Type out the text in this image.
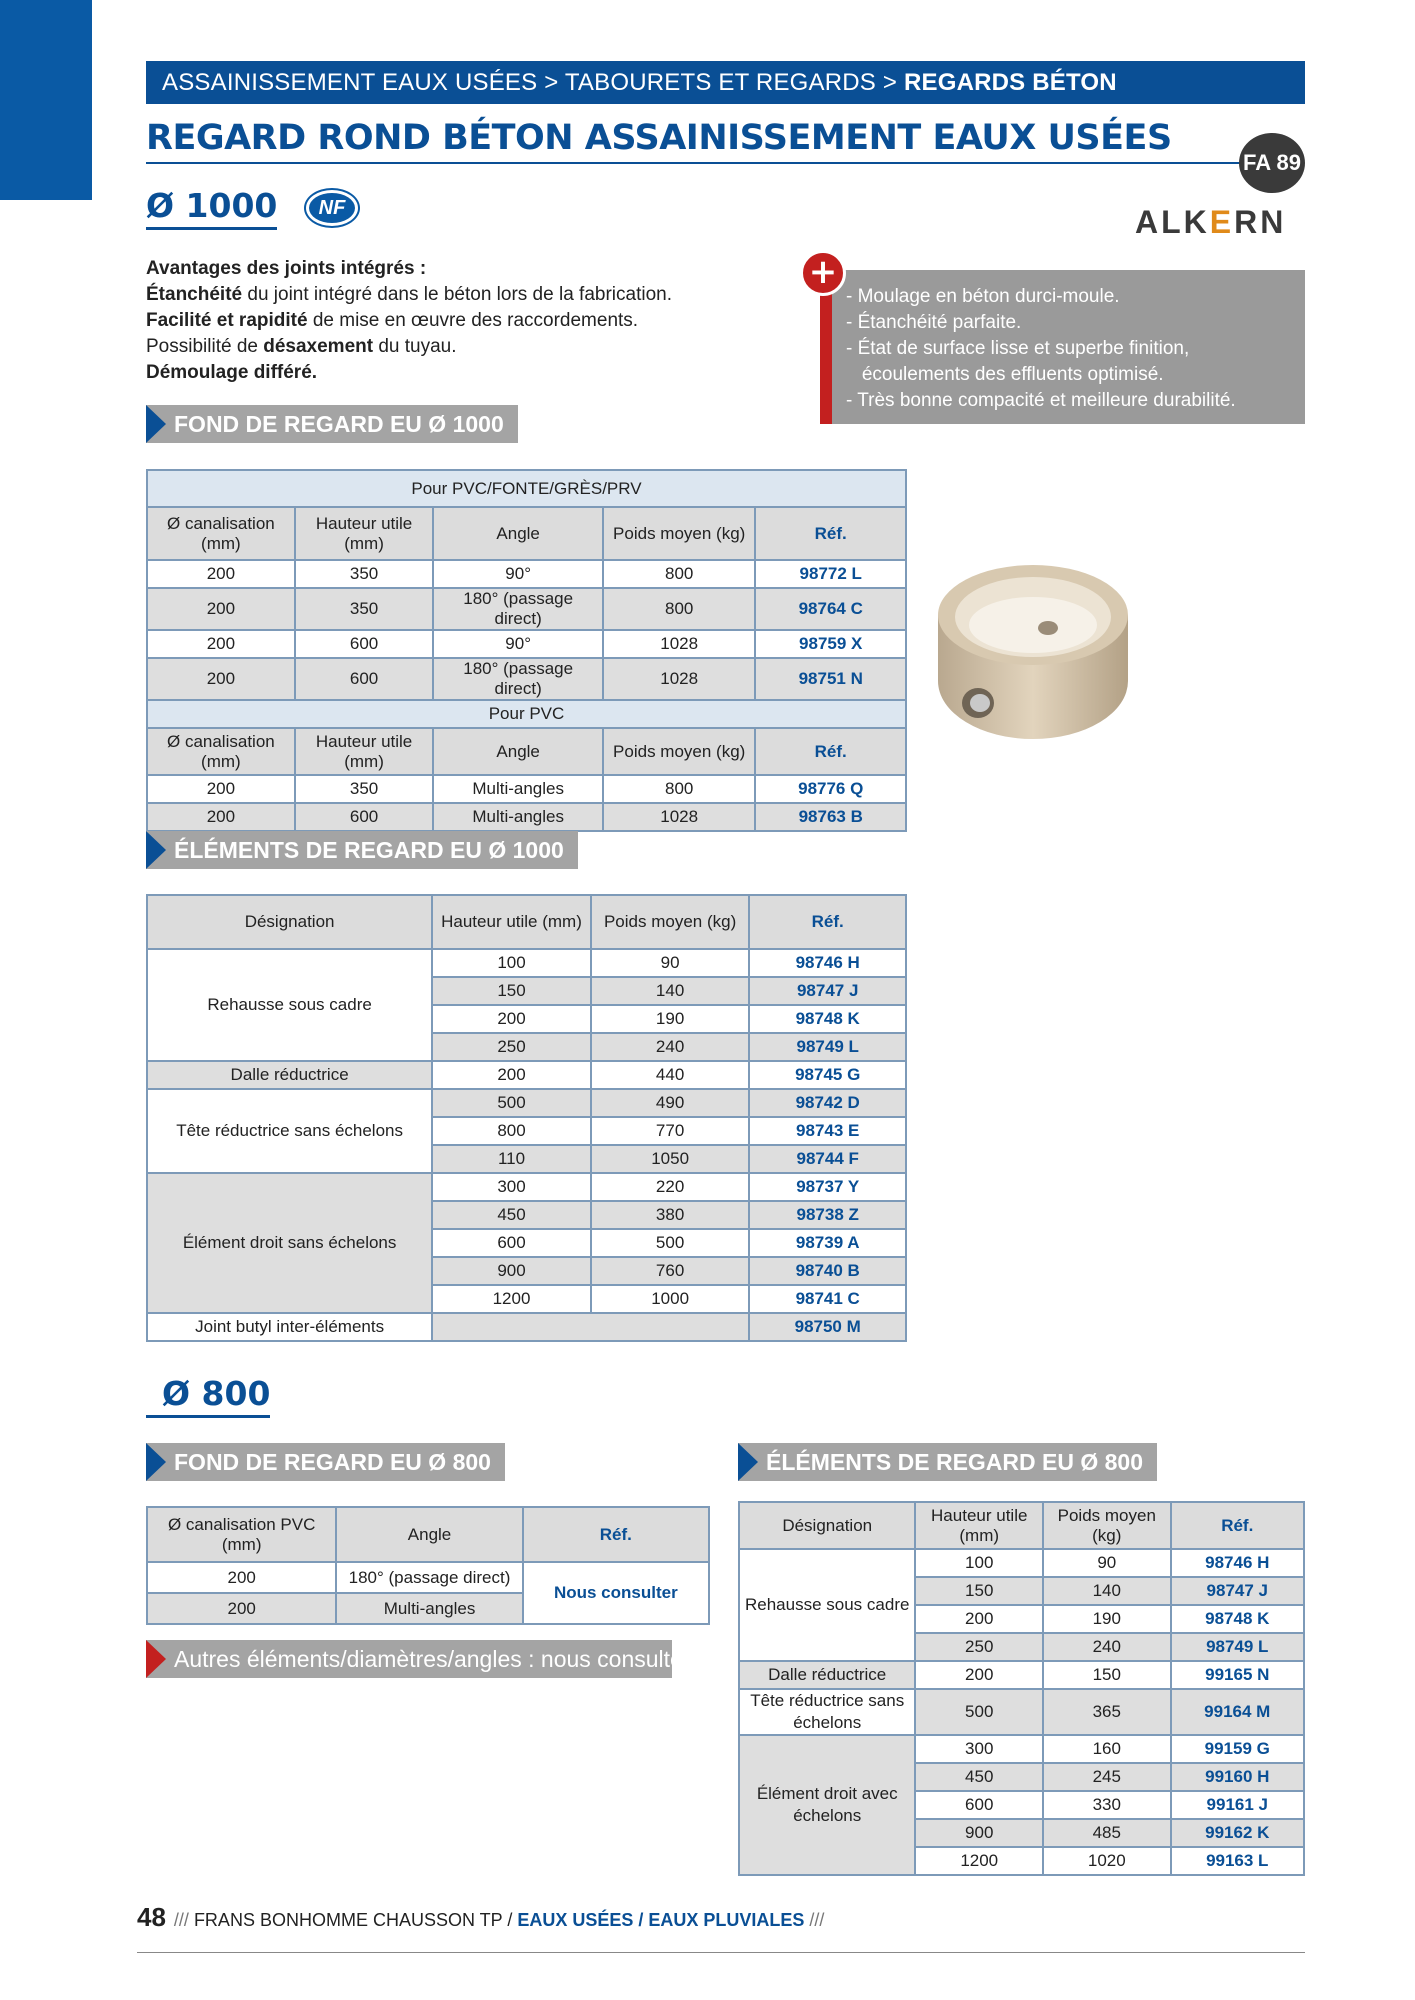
ASSAINISSEMENT EAUX USÉES > TABOURETS ET REGARDS > REGARDS BÉTON
REGARD ROND BÉTON ASSAINISSEMENT EAUX USÉES
FA 89
Ø 1000	NF	ALKERN
Avantages des joints intégrés :
Étanchéité du joint intégré dans le béton lors de la fabrication.
Facilité et rapidité de mise en œuvre des raccordements.
Possibilité de désaxement du tuyau.
Démoulage différé.
- Moulage en béton durci-moule.
- Étanchéité parfaite.
- État de surface lisse et superbe finition,
écoulements des effluents optimisé.
- Très bonne compacité et meilleure durabilité.
+
FOND DE REGARD EU Ø 1000
Pour PVC/FONTE/GRÈS/PRV				
Ø canalisation (mm)	Hauteur utile (mm)	Angle	Poids moyen (kg)	Réf.
200	350	90°	800	98772 L
200	350	180° (passage direct)	800	98764 C
200	600	90°	1028	98759 X
200	600	180° (passage direct)	1028	98751 N
Pour PVC				
Ø canalisation (mm)	Hauteur utile (mm)	Angle	Poids moyen (kg)	Réf.
200	350	Multi-angles	800	98776 Q
200	600	Multi-angles	1028	98763 B
ÉLÉMENTS DE REGARD EU Ø 1000
Désignation	Hauteur utile (mm)	Poids moyen (kg)	Réf.
Rehausse sous cadre	100	90	98746 H
	150	140	98747 J
	200	190	98748 K
	250	240	98749 L
Dalle réductrice	200	440	98745 G
Tête réductrice sans échelons	500	490	98742 D
	800	770	98743 E
	110	1050	98744 F
Élément droit sans échelons	300	220	98737 Y
	450	380	98738 Z
	600	500	98739 A
	900	760	98740 B
	1200	1000	98741 C
Joint butyl inter-éléments			98750 M
Ø 800
FOND DE REGARD EU Ø 800
Ø canalisation PVC (mm)	Angle	Réf.
200	180° (passage direct)	Nous consulter
200	Multi-angles	
Autres éléments/diamètres/angles : nous consulter.
ÉLÉMENTS DE REGARD EU Ø 800
Désignation	Hauteur utile (mm)	Poids moyen (kg)	Réf.
Rehausse sous cadre	100	90	98746 H
	150	140	98747 J
	200	190	98748 K
	250	240	98749 L
Dalle réductrice	200	150	99165 N
Tête réductrice sans échelons	500	365	99164 M
Élément droit avec échelons	300	160	99159 G
	450	245	99160 H
	600	330	99161 J
	900	485	99162 K
	1200	1020	99163 L
48 /// FRANS BONHOMME CHAUSSON TP / EAUX USÉES / EAUX PLUVIALES ///
